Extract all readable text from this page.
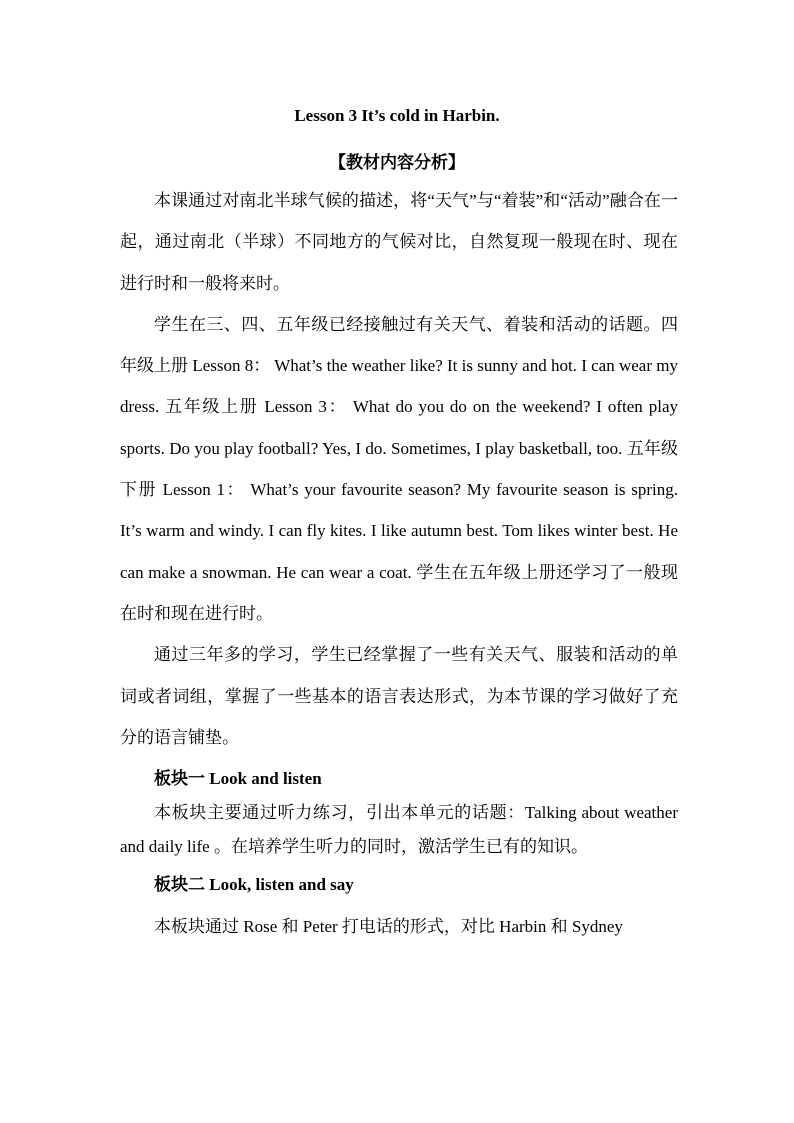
Lesson 3 It’s cold in Harbin.
【教材内容分析】

本课通过对南北半球气候的描述，将“天气”与“着装”和“活动”融合在一起，通过南北（半球）不同地方的气候对比，自然复现一般现在时、现在进行时和一般将来时。

学生在三、四、五年级已经接触过有关天气、着装和活动的话题。四年级上册 Lesson 8： What’s the weather like? It is sunny and hot. I can wear my dress. 五年级上册 Lesson 3： What do you do on the weekend? I often play sports. Do you play football? Yes, I do. Sometimes, I play basketball, too. 五年级下册 Lesson 1： What’s your favourite season? My favourite season is spring. It’s warm and windy. I can fly kites. I like autumn best. Tom likes winter best. He can make a snowman. He can wear a coat. 学生在五年级上册还学习了一般现在时和现在进行时。

通过三年多的学习，学生已经掌握了一些有关天气、服装和活动的单词或者词组，掌握了一些基本的语言表达形式，为本节课的学习做好了充分的语言铺垫。

板块一 Look and listen

本板块主要通过听力练习，引出本单元的话题：Talking about weather and daily life 。在培养学生听力的同时，激活学生已有的知识。

板块二 Look, listen and say

本板块通过 Rose 和 Peter 打电话的形式，对比 Harbin 和 Sydney
